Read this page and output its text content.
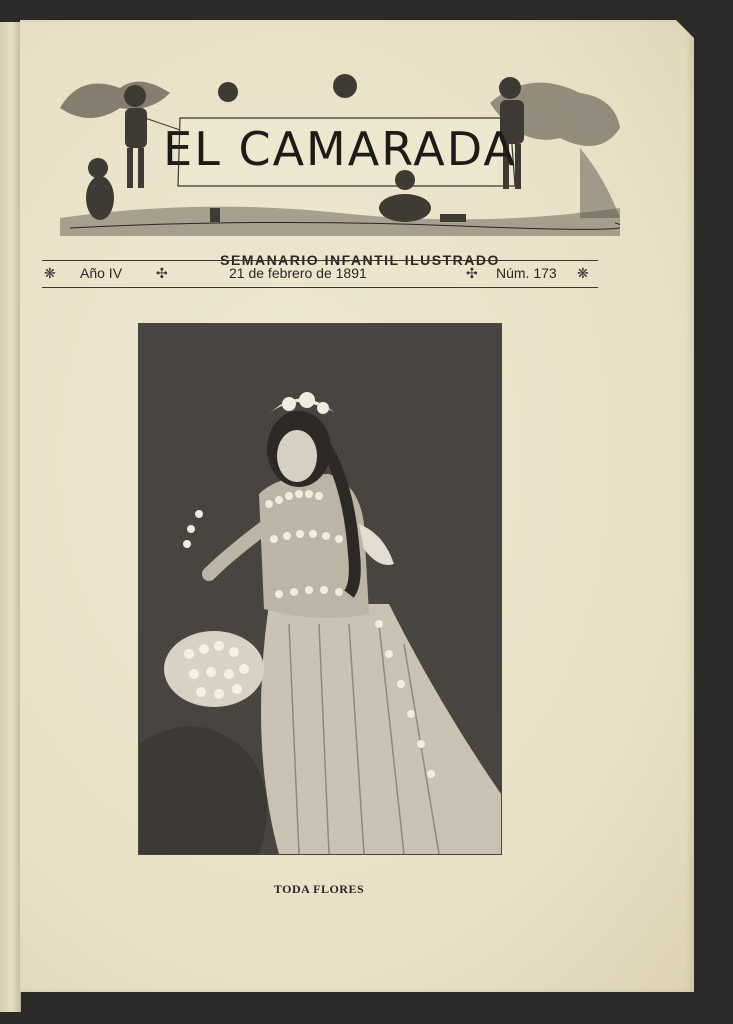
EL CAMARADA
SEMANARIO INFANTIL ILUSTRADO
❋ Año IV ✣	21 de febrero de 1891	✣ Núm. 173 ❋
TODA FLORES
